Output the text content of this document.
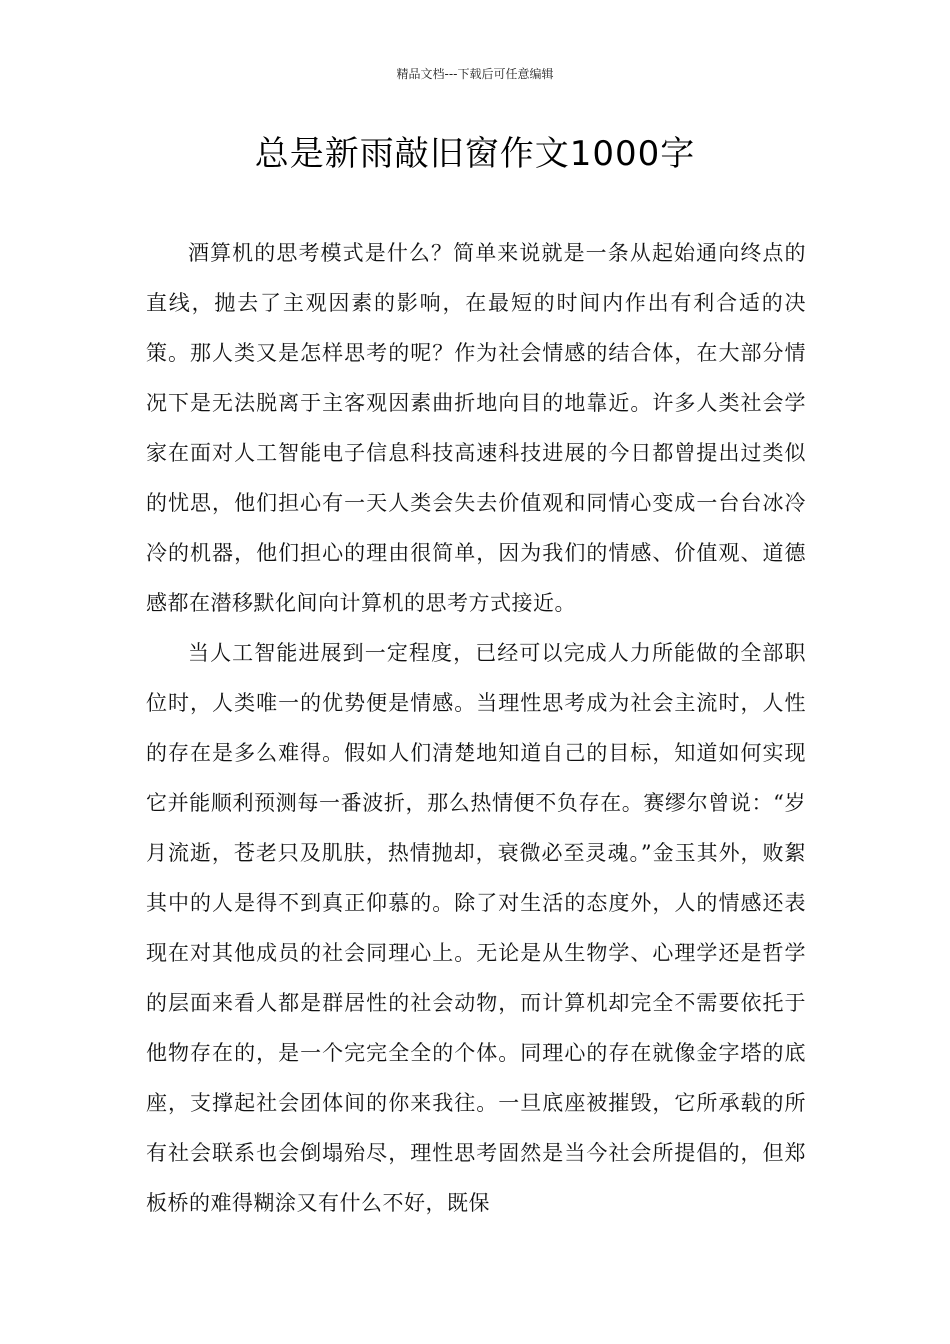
精品文档---下载后可任意编辑
总是新雨敲旧窗作文1000字

酒算机的思考模式是什么？简单来说就是一条从起始通向终点的直线，抛去了主观因素的影响，在最短的时间内作出有利合适的决策。那人类又是怎样思考的呢？作为社会情感的结合体，在大部分情况下是无法脱离于主客观因素曲折地向目的地靠近。许多人类社会学家在面对人工智能电子信息科技高速科技进展的今日都曾提出过类似的忧思，他们担心有一天人类会失去价值观和同情心变成一台台冰冷冷的机器，他们担心的理由很简单，因为我们的情感、价值观、道德感都在潜移默化间向计算机的思考方式接近。

当人工智能进展到一定程度，已经可以完成人力所能做的全部职位时，人类唯一的优势便是情感。当理性思考成为社会主流时，人性的存在是多么难得。假如人们清楚地知道自己的目标，知道如何实现它并能顺利预测每一番波折，那么热情便不负存在。赛缪尔曾说：“岁月流逝，苍老只及肌肤，热情抛却，衰微必至灵魂。”金玉其外，败絮其中的人是得不到真正仰慕的。除了对生活的态度外，人的情感还表现在对其他成员的社会同理心上。无论是从生物学、心理学还是哲学的层面来看人都是群居性的社会动物，而计算机却完全不需要依托于他物存在的，是一个完完全全的个体。同理心的存在就像金字塔的底座，支撑起社会团体间的你来我往。一旦底座被摧毁，它所承载的所有社会联系也会倒塌殆尽，理性思考固然是当今社会所提倡的，但郑板桥的难得糊涂又有什么不好，既保
